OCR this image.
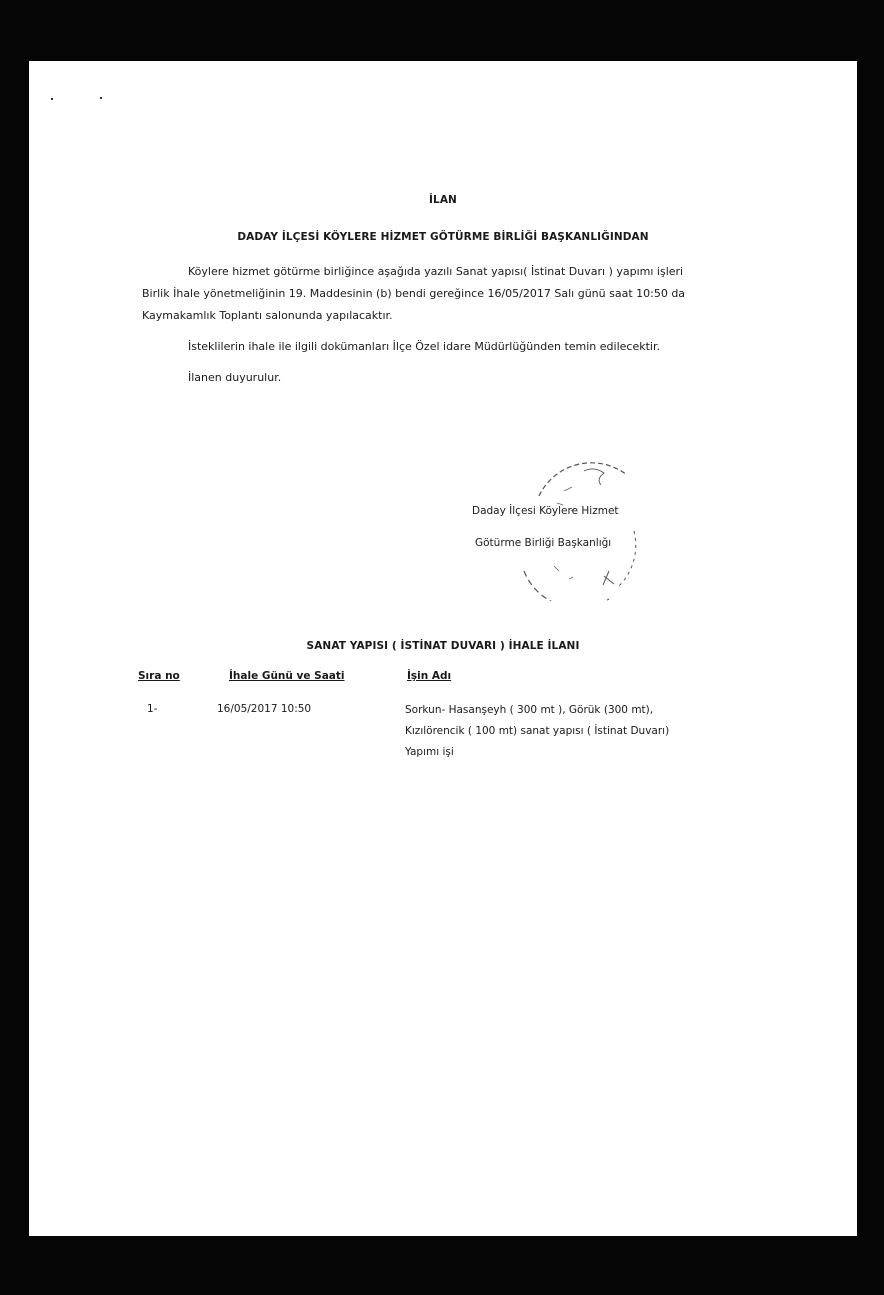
İLAN
DADAY İLÇESİ KÖYLERE HİZMET GÖTÜRME BİRLİĞİ BAŞKANLIĞINDAN
Köylere hizmet götürme birliğince aşağıda yazılı Sanat yapısı( İstinat Duvarı ) yapımı işleri
Birlik İhale yönetmeliğinin 19. Maddesinin (b) bendi gereğince 16/05/2017 Salı günü saat 10:50 da
Kaymakamlık Toplantı salonunda yapılacaktır.
İsteklilerin ihale ile ilgili dokümanları İlçe Özel idare Müdürlüğünden temin edilecektir.
İlanen duyurulur.
Daday İlçesi Köylere Hizmet
Götürme Birliği Başkanlığı
SANAT YAPISI ( İSTİNAT DUVARI ) İHALE İLANI
Sıra no	İhale Günü ve Saati	İşin Adı
1-	16/05/2017 10:50	Sorkun- Hasanşeyh ( 300 mt ), Görük (300 mt),
Kızılörencik ( 100 mt) sanat yapısı ( İstinat Duvarı)
Yapımı işi
